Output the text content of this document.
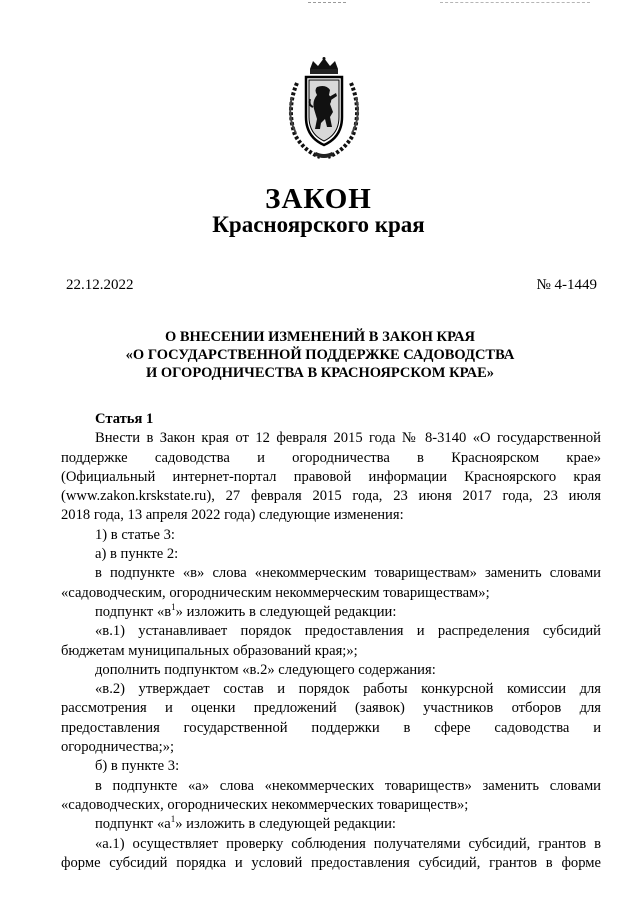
ЗАКОН
Красноярского края
22.12.2022	№ 4-1449
О ВНЕСЕНИИ ИЗМЕНЕНИЙ В ЗАКОН КРАЯ
«О ГОСУДАРСТВЕННОЙ ПОДДЕРЖКЕ САДОВОДСТВА
И ОГОРОДНИЧЕСТВА В КРАСНОЯРСКОМ КРАЕ»

Статья 1

Внести в Закон края от 12 февраля 2015 года № 8-3140 «О государственной

поддержке садоводства и огородничества в Красноярском крае»

(Официальный интернет-портал правовой информации Красноярского края

(www.zakon.krskstate.ru), 27 февраля 2015 года, 23 июня 2017 года, 23 июля

2018 года, 13 апреля 2022 года) следующие изменения:

1) в статье 3:

а) в пункте 2:

в подпункте «в» слова «некоммерческим товариществам» заменить словами

«садоводческим, огородническим некоммерческим товариществам»;

подпункт «$в^1$» изложить в следующей редакции:

«в.1) устанавливает порядок предоставления и распределения субсидий

бюджетам муниципальных образований края;»;

дополнить подпунктом «в.2» следующего содержания:

«в.2) утверждает состав и порядок работы конкурсной комиссии для

рассмотрения и оценки предложений (заявок) участников отборов для

предоставления государственной поддержки в сфере садоводства и

огородничества;»;

б) в пункте 3:

в подпункте «а» слова «некоммерческих товариществ» заменить словами

«садоводческих, огороднических некоммерческих товариществ»;

подпункт «$а^1$» изложить в следующей редакции:

«а.1) осуществляет проверку соблюдения получателями субсидий, грантов в

форме субсидий порядка и условий предоставления субсидий, грантов в форме
